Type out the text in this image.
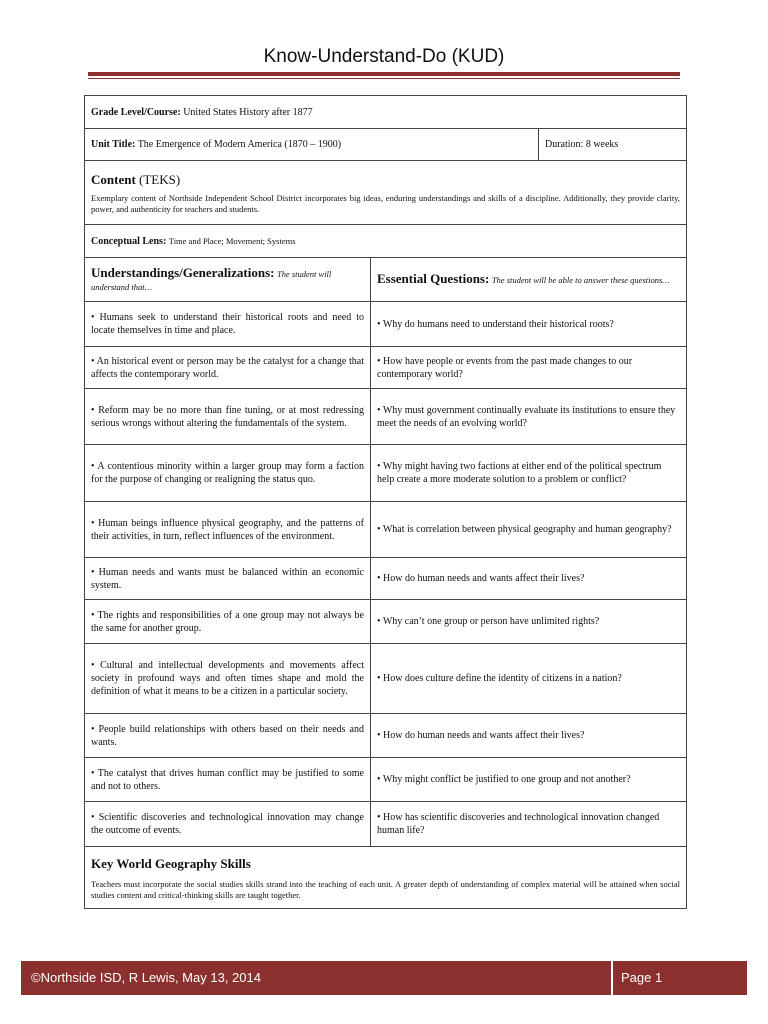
Know-Understand-Do (KUD)
Grade Level/Course: United States History after 1877		
Unit Title: The Emergence of Modern America (1870 – 1900)		Duration: 8 weeks

Content (TEKS)
Exemplary content of Northside Independent School District incorporates big ideas, enduring understandings and skills of a discipline. Additionally, they provide clarity, power, and authenticity for teachers and students.		

Conceptual Lens: Time and Place; Movement; Systems		
Understandings/Generalizations: The student will understand that…	Essential Questions: The student will be able to answer these questions…	
• Humans seek to understand their historical roots and need to locate themselves in time and place.	• Why do humans need to understand their historical roots?	
• An historical event or person may be the catalyst for a change that affects the contemporary world.	• How have people or events from the past made changes to our contemporary world?	
• Reform may be no more than fine tuning, or at most redressing serious wrongs without altering the fundamentals of the system.	• Why must government continually evaluate its institutions to ensure they meet the needs of an evolving world?	
• A contentious minority within a larger group may form a faction for the purpose of changing or realigning the status quo.	• Why might having two factions at either end of the political spectrum help create a more moderate solution to a problem or conflict?	
• Human beings influence physical geography, and the patterns of their activities, in turn, reflect influences of the environment.	• What is correlation between physical geography and human geography?	
• Human needs and wants must be balanced within an economic system.	• How do human needs and wants affect their lives?	
• The rights and responsibilities of a one group may not always be the same for another group.	• Why can’t one group or person have unlimited rights?	
• Cultural and intellectual developments and movements affect society in profound ways and often times shape and mold the definition of what it means to be a citizen in a particular society.	• How does culture define the identity of citizens in a nation?	
• People build relationships with others based on their needs and wants.	• How do human needs and wants affect their lives?	
• The catalyst that drives human conflict may be justified to some and not to others.	• Why might conflict be justified to one group and not another?	
• Scientific discoveries and technological innovation may change the outcome of events.	• How has scientific discoveries and technological innovation changed human life?	

Key World Geography Skills
Teachers must incorporate the social studies skills strand into the teaching of each unit. A greater depth of understanding of complex material will be attained when social studies content and critical-thinking skills are taught together.		
©Northside ISD, R Lewis, May 13, 2014	Page 1
